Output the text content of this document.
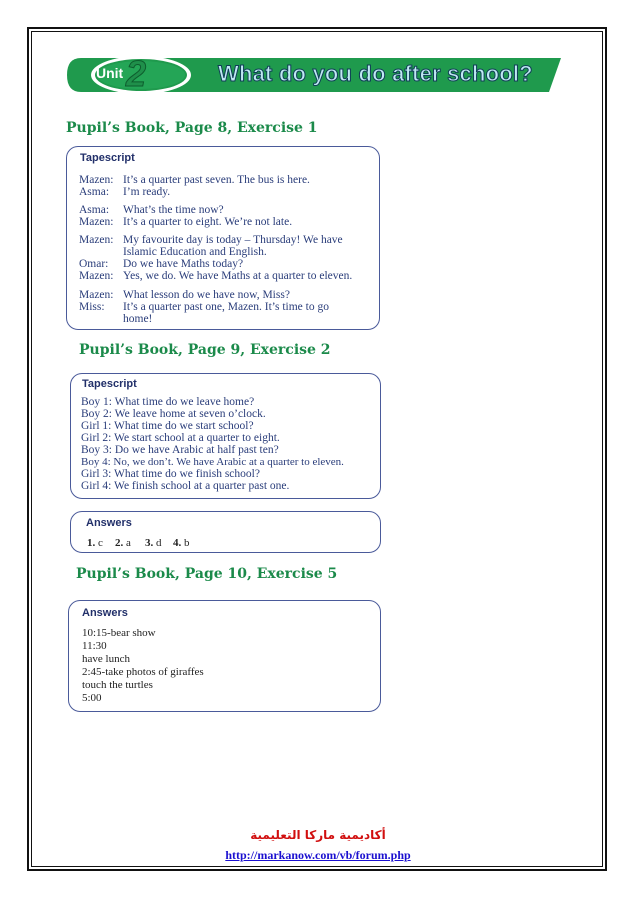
Unit 2	What do you do after school?
Pupil’s Book, Page 8, Exercise 1
Tapescript
Mazen: It’s a quarter past seven. The bus is here.
Asma: I’m ready.
Asma: What’s the time now?
Mazen: It’s a quarter to eight. We’re not late.
Mazen: My favourite day is today – Thursday! We have
Islamic Education and English.
Omar: Do we have Maths today?
Mazen: Yes, we do. We have Maths at a quarter to eleven.
Mazen: What lesson do we have now, Miss?
Miss: It’s a quarter past one, Mazen. It’s time to go
home!
Pupil’s Book, Page 9, Exercise 2
Tapescript
Boy 1: What time do we leave home?
Boy 2: We leave home at seven o’clock.
Girl 1: What time do we start school?
Girl 2: We start school at a quarter to eight.
Boy 3: Do we have Arabic at half past ten?
Boy 4: No, we don’t. We have Arabic at a quarter to eleven.
Girl 3: What time do we finish school?
Girl 4: We finish school at a quarter past one.
Answers
1. c 2. a 3. d 4. b
Pupil’s Book, Page 10, Exercise 5
Answers
10:15-bear show
11:30
have lunch
2:45-take photos of giraffes
touch the turtles
5:00
أكاديمية ماركا التعليمية
http://markanow.com/vb/forum.php
